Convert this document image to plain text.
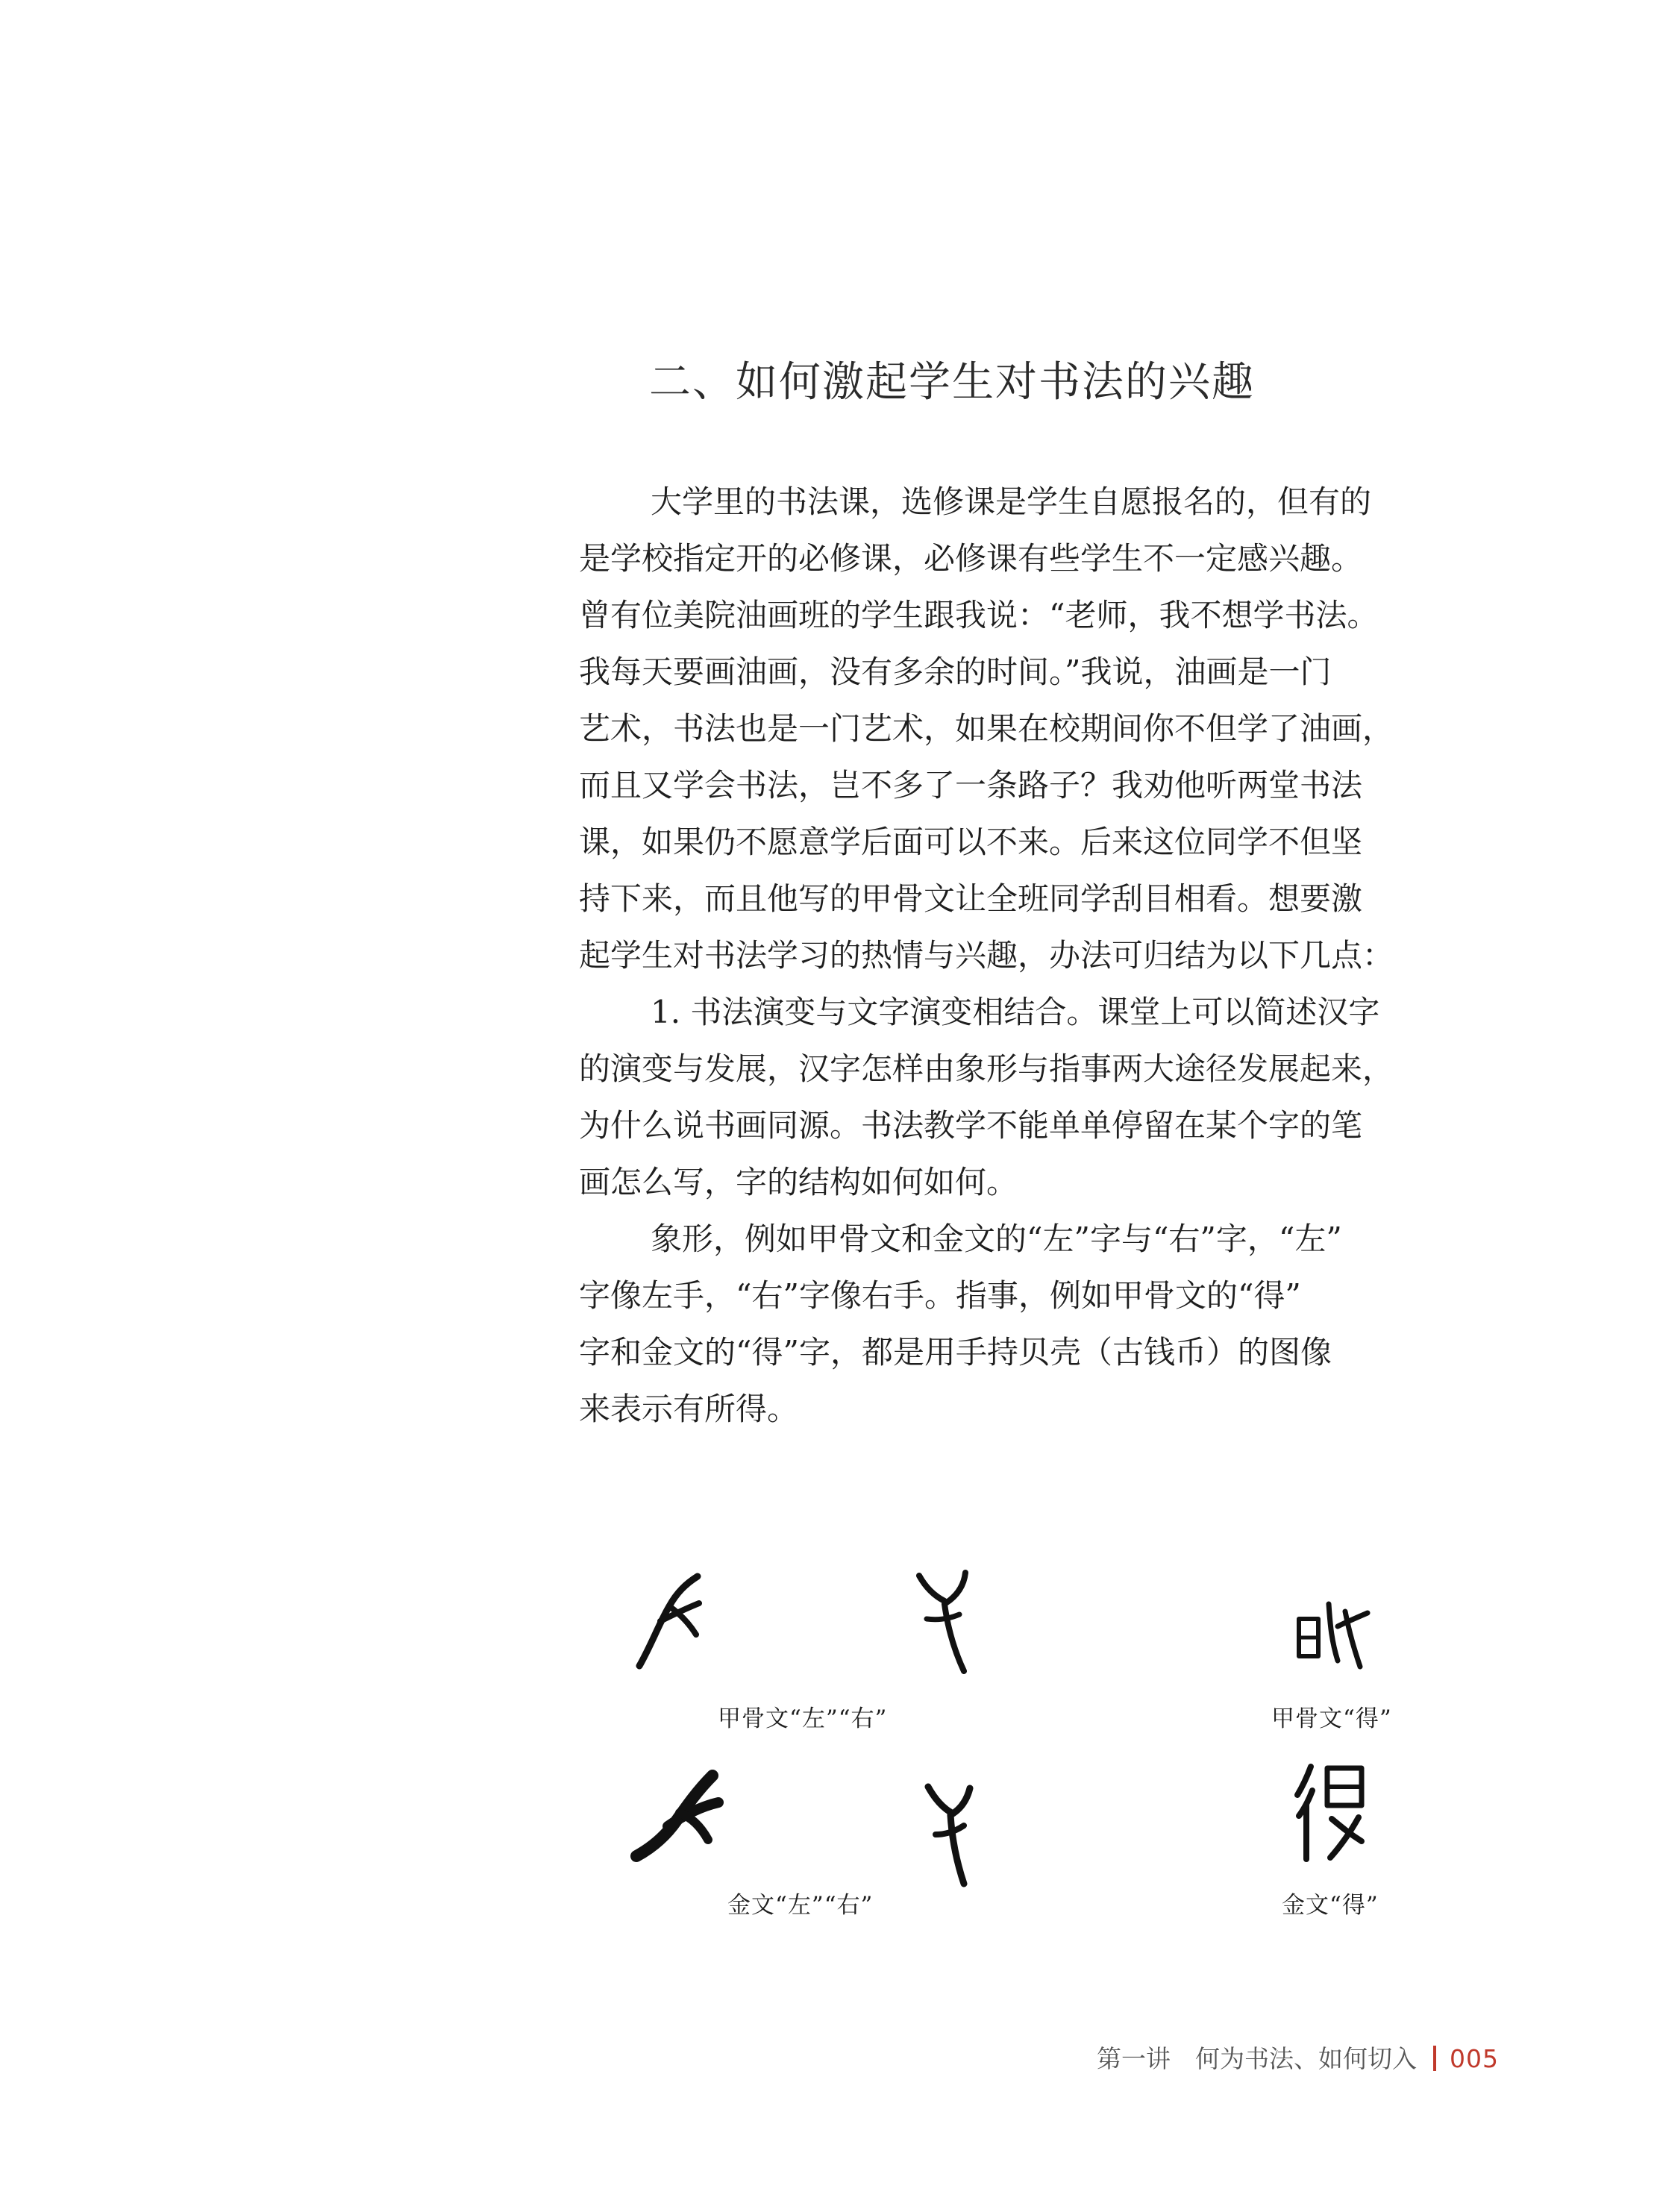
二、如何激起学生对书法的兴趣
大学里的书法课，选修课是学生自愿报名的，但有的
是学校指定开的必修课，必修课有些学生不一定感兴趣。
曾有位美院油画班的学生跟我说：“老师，我不想学书法。
我每天要画油画，没有多余的时间。”我说，油画是一门
艺术，书法也是一门艺术，如果在校期间你不但学了油画，
而且又学会书法，岂不多了一条路子？我劝他听两堂书法
课，如果仍不愿意学后面可以不来。后来这位同学不但坚
持下来，而且他写的甲骨文让全班同学刮目相看。想要激
起学生对书法学习的热情与兴趣，办法可归结为以下几点：
1. 书法演变与文字演变相结合。课堂上可以简述汉字
的演变与发展，汉字怎样由象形与指事两大途径发展起来，
为什么说书画同源。书法教学不能单单停留在某个字的笔
画怎么写，字的结构如何如何。
象形，例如甲骨文和金文的“左”字与“右”字，“左”
字像左手，“右”字像右手。指事，例如甲骨文的“得”
字和金文的“得”字，都是用手持贝壳（古钱币）的图像
来表示有所得。
甲骨文“左”“右”	甲骨文“得”
金文“左”“右”	金文“得”
第一讲　何为书法、如何切入 005
